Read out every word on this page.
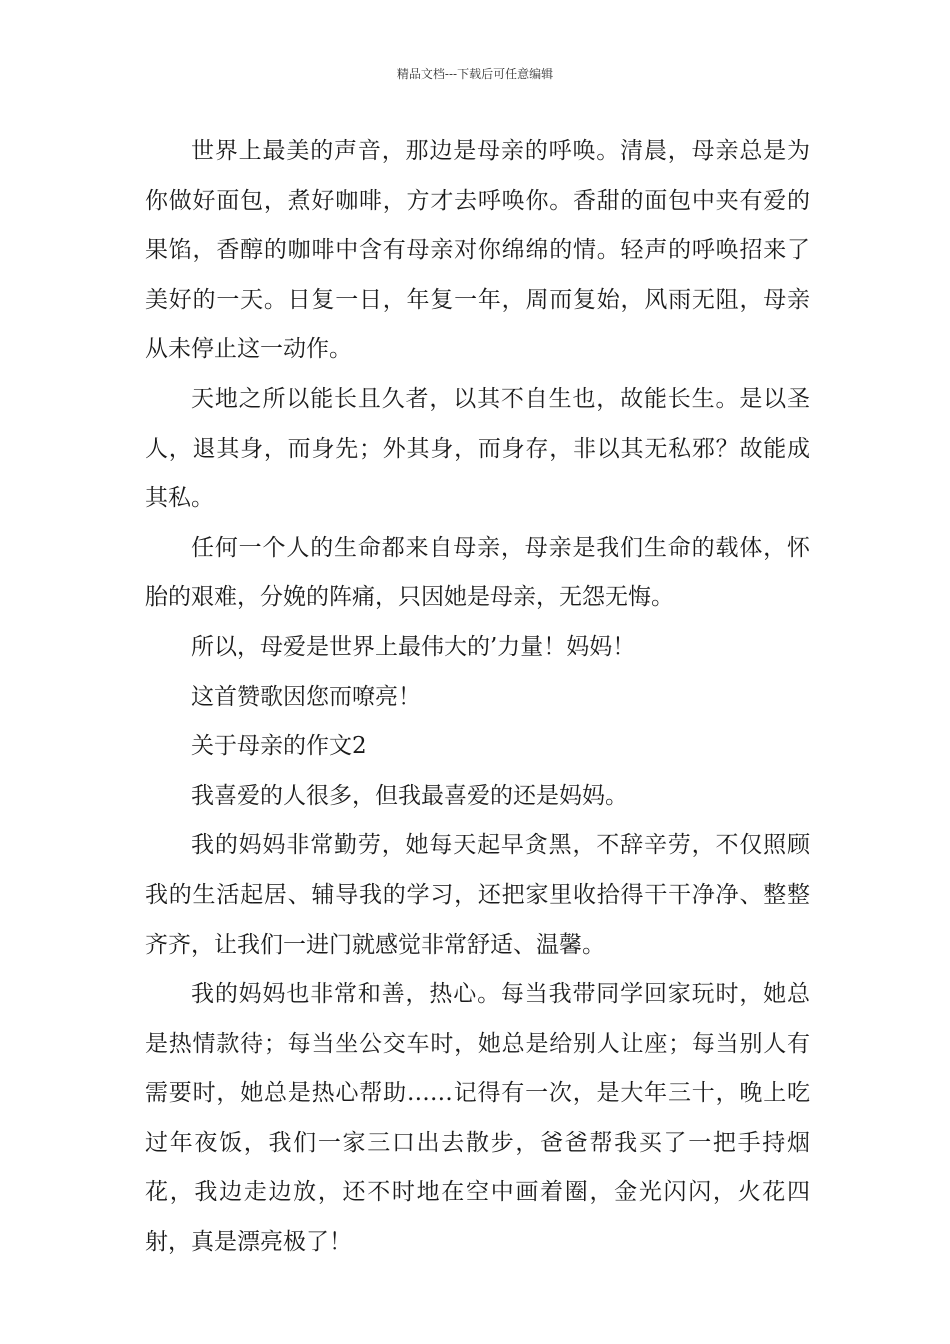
精品文档---下载后可任意编辑

世界上最美的声音，那边是母亲的呼唤。清晨，母亲总是为你做好面包，煮好咖啡，方才去呼唤你。香甜的面包中夹有爱的果馅，香醇的咖啡中含有母亲对你绵绵的情。轻声的呼唤招来了美好的一天。日复一日，年复一年，周而复始，风雨无阻，母亲从未停止这一动作。

天地之所以能长且久者，以其不自生也，故能长生。是以圣人，退其身，而身先；外其身，而身存，非以其无私邪？故能成其私。

任何一个人的生命都来自母亲，母亲是我们生命的载体，怀胎的艰难，分娩的阵痛，只因她是母亲，无怨无悔。

所以，母爱是世界上最伟大的’力量！妈妈！

这首赞歌因您而嘹亮！

关于母亲的作文2

我喜爱的人很多，但我最喜爱的还是妈妈。

我的妈妈非常勤劳，她每天起早贪黑，不辞辛劳，不仅照顾我的生活起居、辅导我的学习，还把家里收拾得干干净净、整整齐齐，让我们一进门就感觉非常舒适、温馨。

我的妈妈也非常和善，热心。每当我带同学回家玩时，她总是热情款待；每当坐公交车时，她总是给别人让座；每当别人有需要时，她总是热心帮助……记得有一次，是大年三十，晚上吃过年夜饭，我们一家三口出去散步，爸爸帮我买了一把手持烟花，我边走边放，还不时地在空中画着圈，金光闪闪，火花四射，真是漂亮极了！
